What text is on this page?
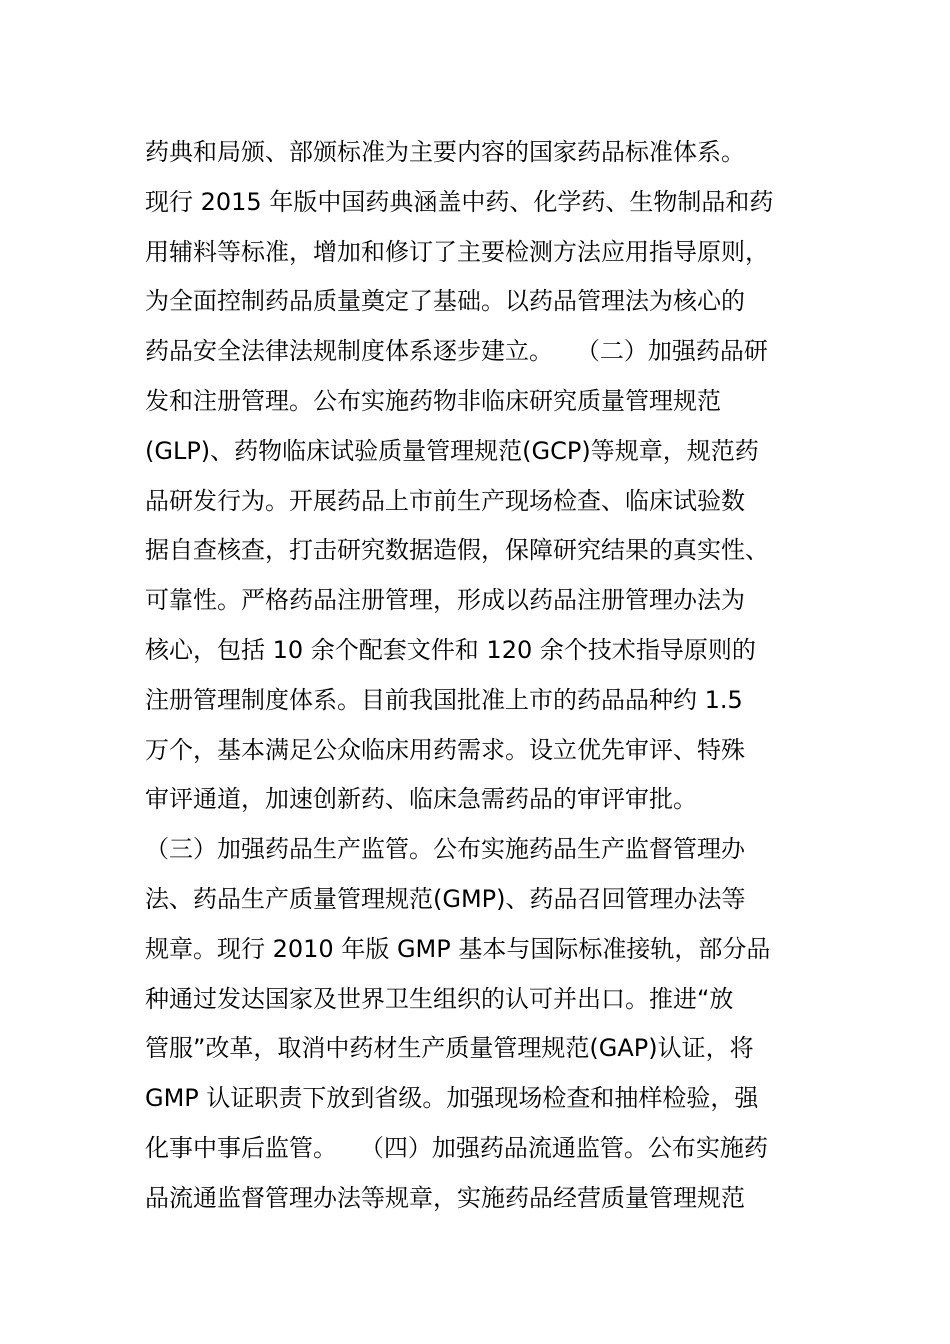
药典和局颁、部颁标准为主要内容的国家药品标准体系。
现行 2015 年版中国药典涵盖中药、化学药、生物制品和药
用辅料等标准，增加和修订了主要检测方法应用指导原则，
为全面控制药品质量奠定了基础。以药品管理法为核心的
药品安全法律法规制度体系逐步建立。   （二）加强药品研
发和注册管理。公布实施药物非临床研究质量管理规范
(GLP)、药物临床试验质量管理规范(GCP)等规章，规范药
品研发行为。开展药品上市前生产现场检查、临床试验数
据自查核查，打击研究数据造假，保障研究结果的真实性、
可靠性。严格药品注册管理，形成以药品注册管理办法为
核心，包括 10 余个配套文件和 120 余个技术指导原则的
注册管理制度体系。目前我国批准上市的药品品种约 1.5
万个，基本满足公众临床用药需求。设立优先审评、特殊
审评通道，加速创新药、临床急需药品的审评审批。
（三）加强药品生产监管。公布实施药品生产监督管理办
法、药品生产质量管理规范(GMP)、药品召回管理办法等
规章。现行 2010 年版 GMP 基本与国际标准接轨，部分品
种通过发达国家及世界卫生组织的认可并出口。推进“放
管服”改革，取消中药材生产质量管理规范(GAP)认证，将
GMP 认证职责下放到省级。加强现场检查和抽样检验，强
化事中事后监管。   （四）加强药品流通监管。公布实施药
品流通监督管理办法等规章，实施药品经营质量管理规范
